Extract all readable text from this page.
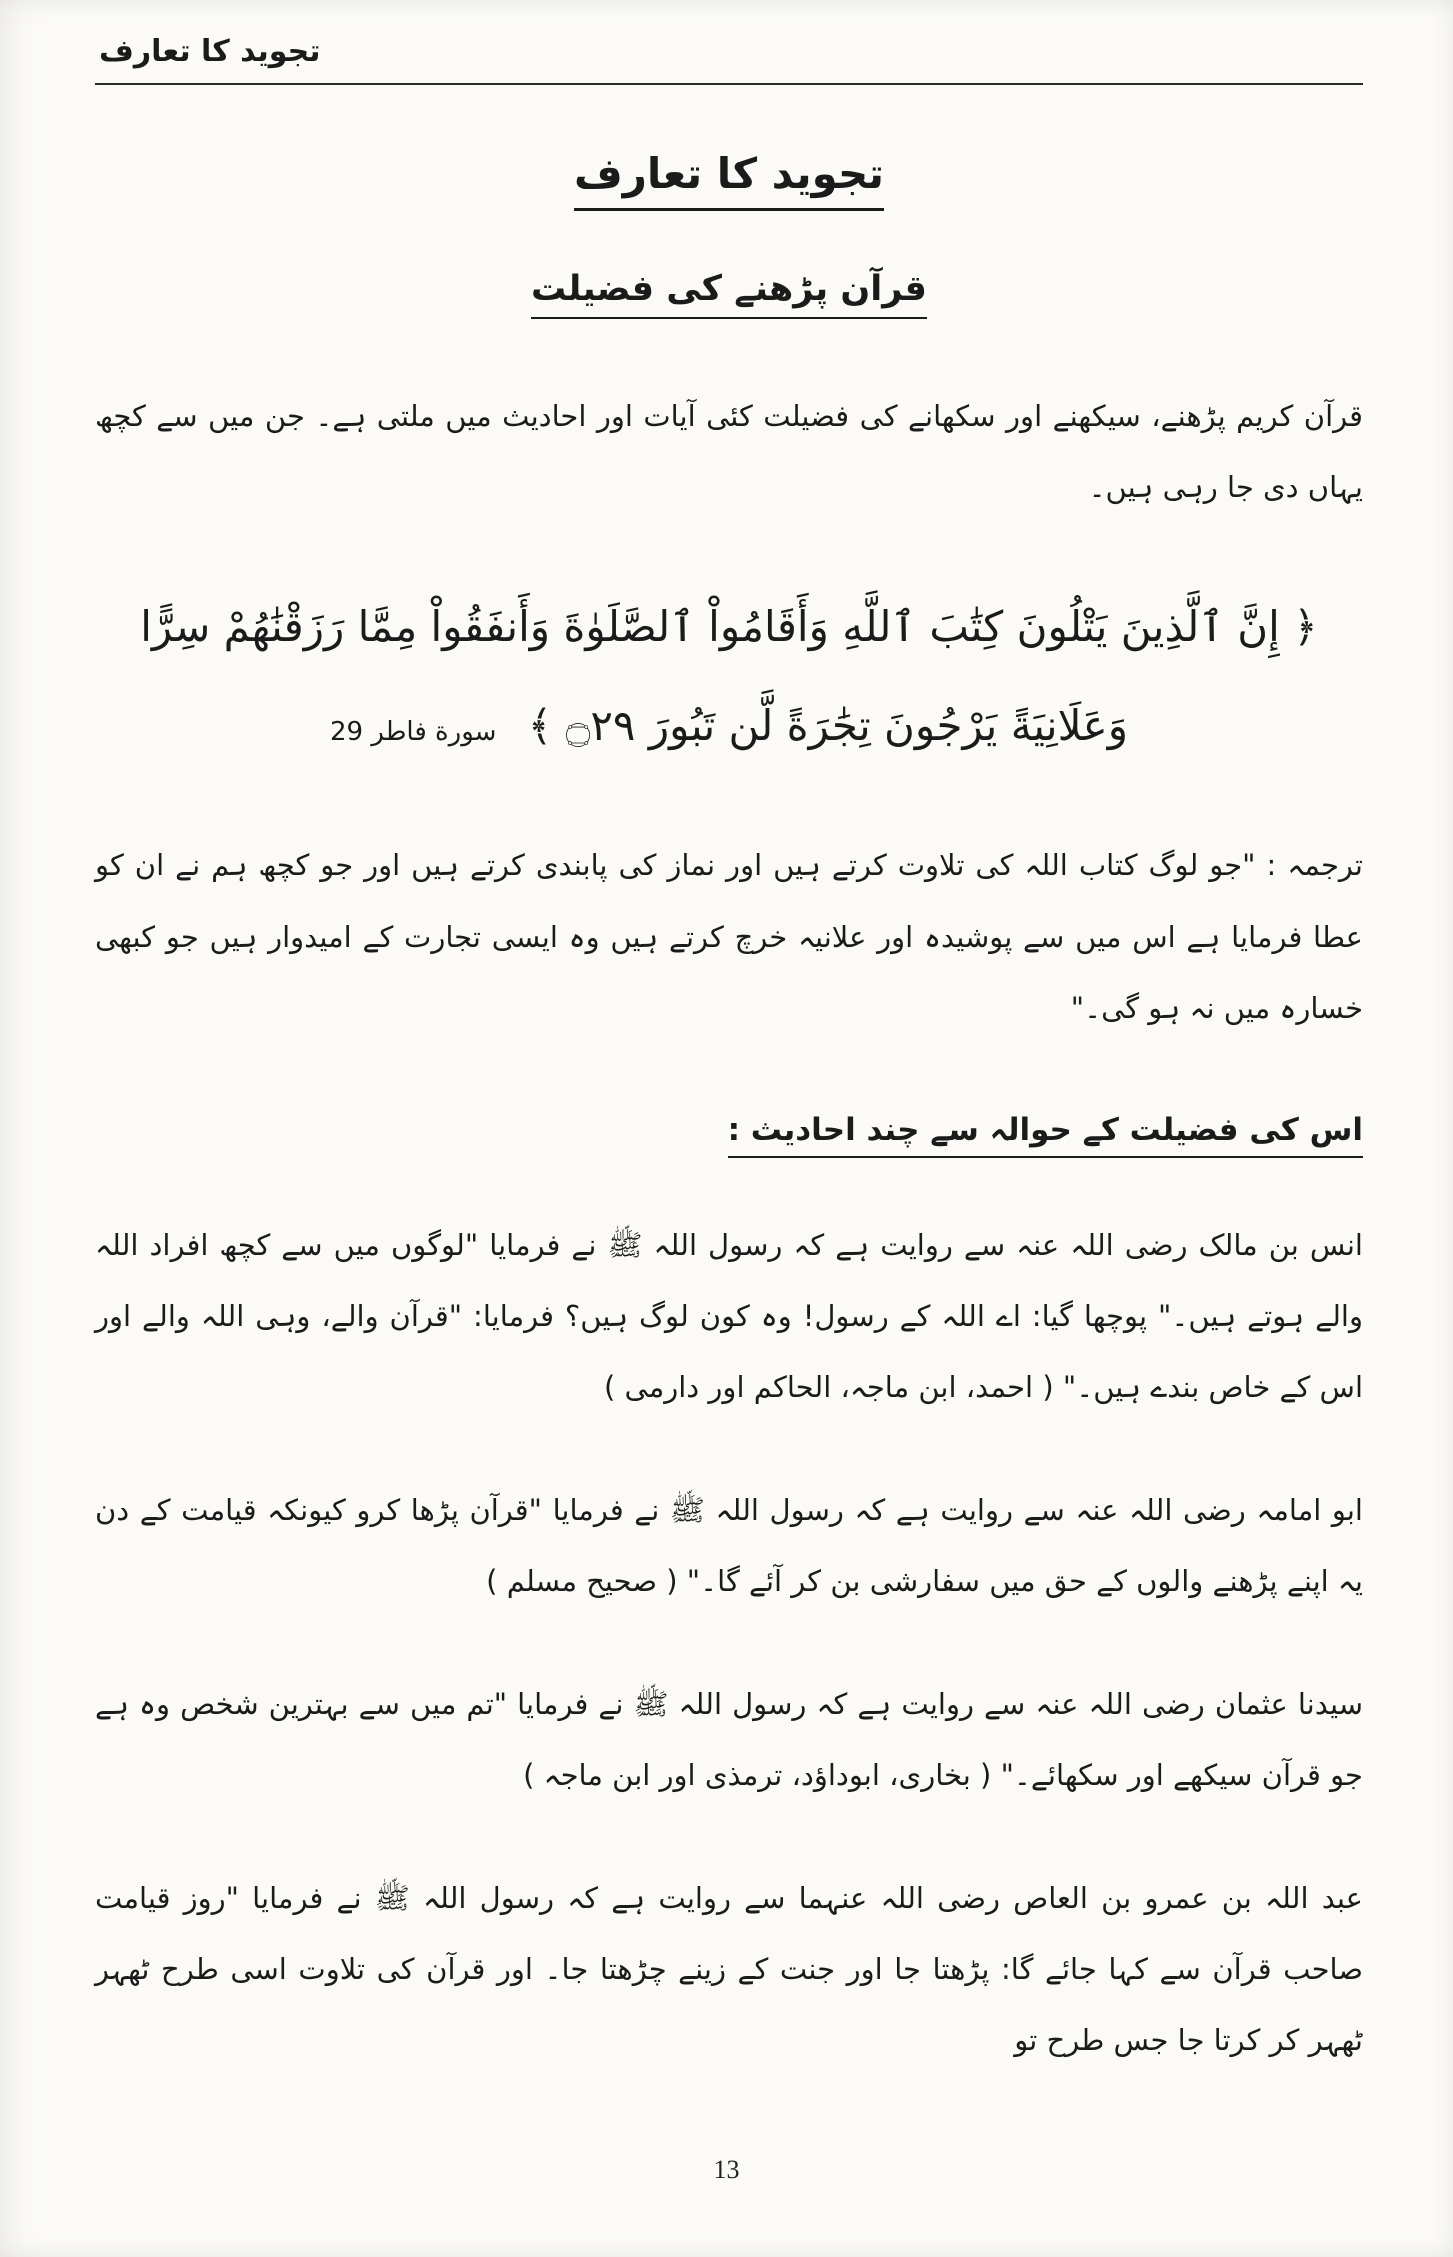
تجويد کا تعارف
تجويد کا تعارف
قرآن پڑھنے کی فضیلت

قرآن کریم پڑھنے، سیکھنے اور سکھانے کی فضیلت کئی آیات اور احادیث میں ملتی ہے۔ جن میں سے کچھ یہاں دی جا رہی ہیں۔

﴿ إِنَّ ٱلَّذِينَ يَتْلُونَ كِتَٰبَ ٱللَّهِ وَأَقَامُواْ ٱلصَّلَوٰةَ وَأَنفَقُواْ مِمَّا رَزَقْنَٰهُمْ سِرًّا وَعَلَانِيَةً يَرْجُونَ تِجَٰرَةً لَّن تَبُورَ ۝٢٩ ﴾ سورة فاطر 29

ترجمہ : "جو لوگ کتاب اللہ کی تلاوت کرتے ہیں اور نماز کی پابندی کرتے ہیں اور جو کچھ ہم نے ان کو عطا فرمایا ہے اس میں سے پوشیدہ اور علانیہ خرچ کرتے ہیں وہ ایسی تجارت کے امیدوار ہیں جو کبھی خسارہ میں نہ ہو گی۔"

اس کی فضیلت کے حوالہ سے چند احادیث :

انس بن مالک رضی اللہ عنہ سے روایت ہے کہ رسول اللہ ﷺ نے فرمایا "لوگوں میں سے کچھ افراد اللہ والے ہوتے ہیں۔" پوچھا گیا: اے اللہ کے رسول! وہ کون لوگ ہیں؟ فرمایا: "قرآن والے، وہی اللہ والے اور اس کے خاص بندے ہیں۔" ( احمد، ابن ماجہ، الحاکم اور دارمی )

ابو امامہ رضی اللہ عنہ سے روایت ہے کہ رسول اللہ ﷺ نے فرمایا "قرآن پڑھا کرو کیونکہ قیامت کے دن یہ اپنے پڑھنے والوں کے حق میں سفارشی بن کر آئے گا۔" ( صحیح مسلم )

سیدنا عثمان رضی اللہ عنہ سے روایت ہے کہ رسول اللہ ﷺ نے فرمایا "تم میں سے بہترین شخص وہ ہے جو قرآن سیکھے اور سکھائے۔" ( بخاری، ابوداؤد، ترمذی اور ابن ماجہ )

عبد اللہ بن عمرو بن العاص رضی اللہ عنہما سے روایت ہے کہ رسول اللہ ﷺ نے فرمایا "روز قیامت صاحب قرآن سے کہا جائے گا: پڑھتا جا اور جنت کے زینے چڑھتا جا۔ اور قرآن کی تلاوت اسی طرح ٹھہر ٹھہر کر کرتا جا جس طرح تو

13
